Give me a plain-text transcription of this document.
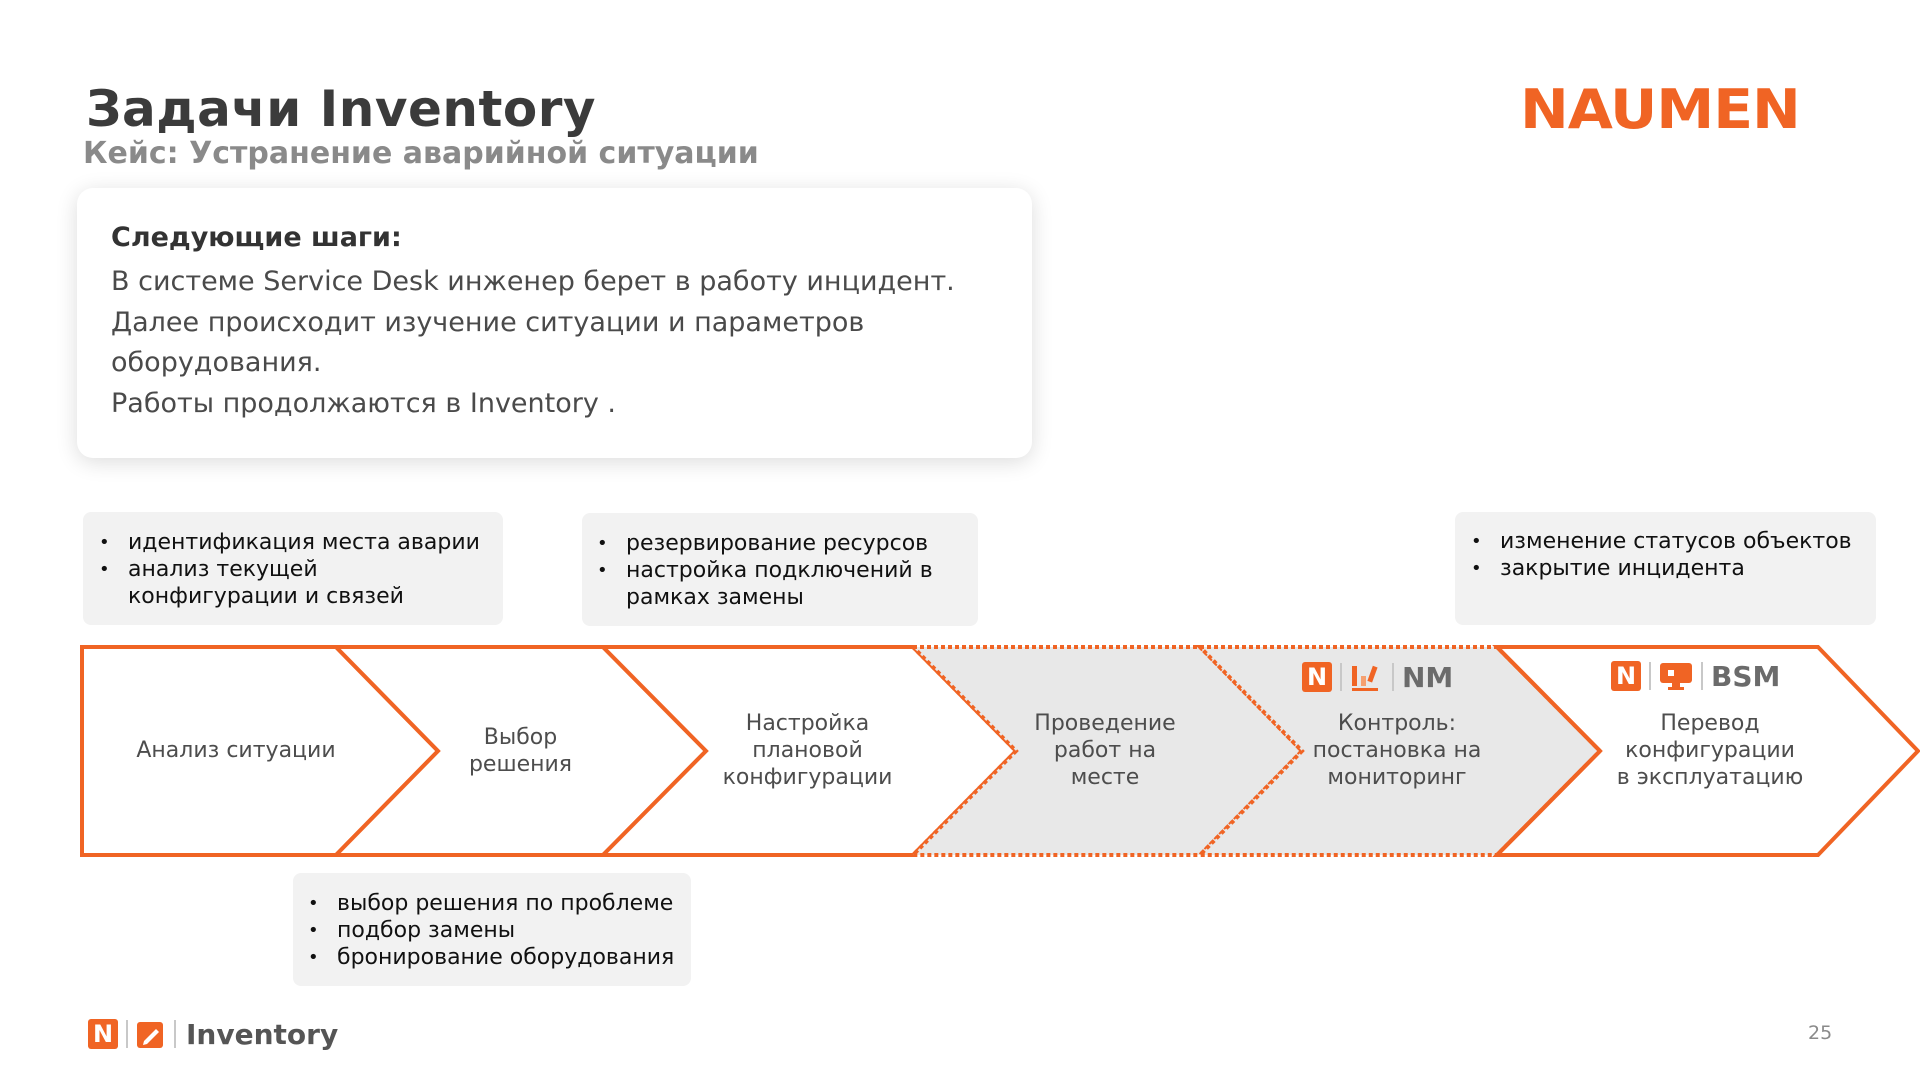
Задачи Inventory
Кейс: Устранение аварийной ситуации
NAUMEN
Следующие шаги:
В системе Service Desk инженер берет в работу инцидент.
Далее происходит изучение ситуации и параметров
оборудования.
Работы продолжаются в Inventory .
• идентификация места аварии
• анализ текущей
конфигурации и связей
• резервирование ресурсов
• настройка подключений в
рамках замены
• изменение статусов объектов
• закрытие инцидента
• выбор решения по проблеме
• подбор замены
• бронирование оборудования
Анализ ситуации
Выбор
решения
Настройка
плановой
конфигурации
Проведение
работ на
месте
Контроль:
постановка на
мониторинг
Перевод
конфигурации
в эксплуатацию
N	NM	N	BSM
N	Inventory	25
